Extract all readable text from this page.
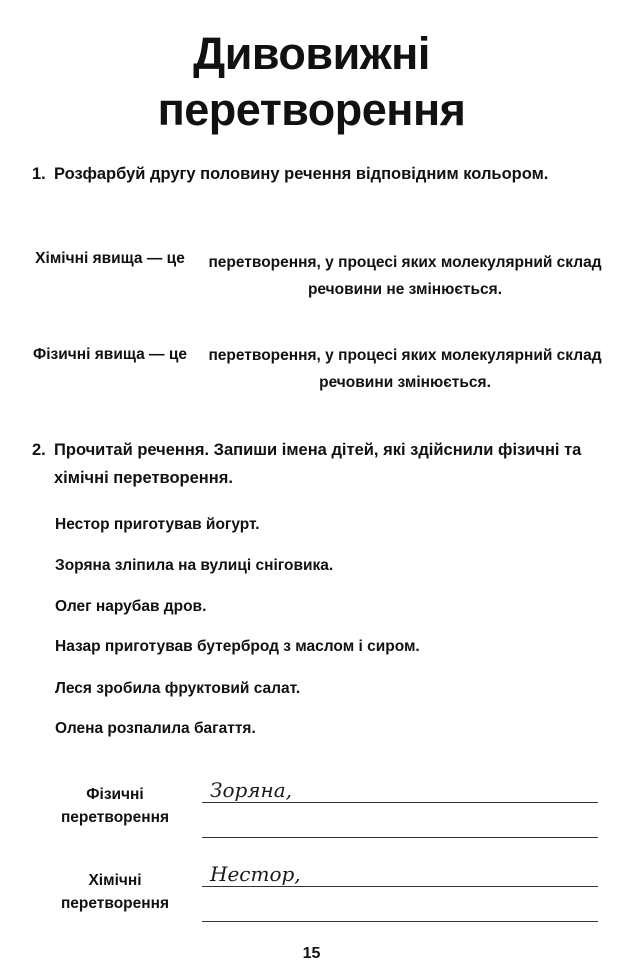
Дивовижні
перетворення
1. Розфарбуй другу половину речення відповідним кольором.
Хімічні явища — це	перетворення, у процесі яких молекулярний склад речовини не змінюється.
Фізичні явища — це перетворення, у процесі яких молекулярний склад речовини змінюється.
2. Прочитай речення. Запиши імена дітей, які здійснили фізичні та хімічні перетворення.
Нестор приготував йогурт.
Зоряна зліпила на вулиці сніговика.
Олег нарубав дров.
Назар приготував бутерброд з маслом і сиром.
Леся зробила фруктовий салат.
Олена розпалила багаття.
Фізичні перетворення
Зоряна,
Хімічні перетворення
Нестор,
15
